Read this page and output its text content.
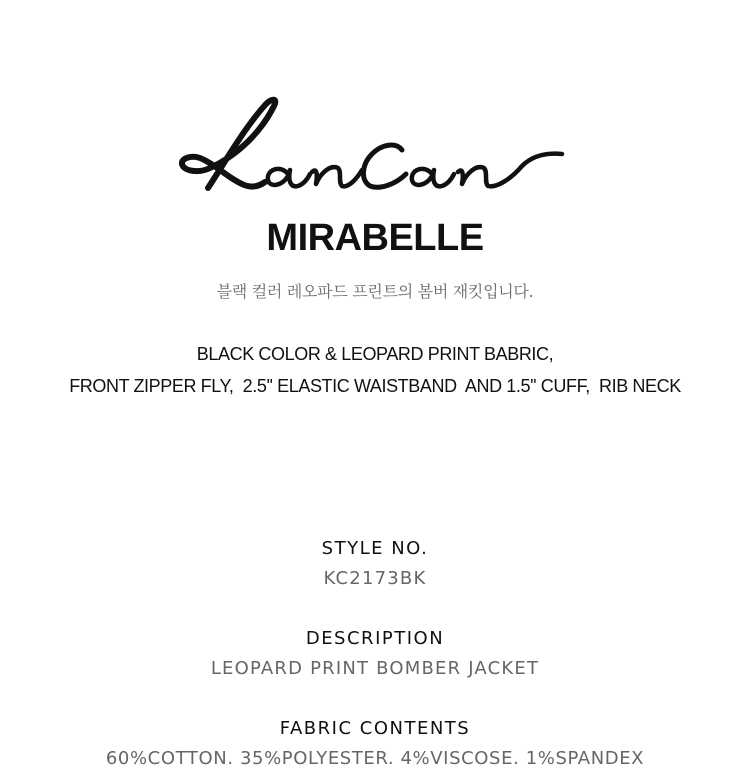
MIRABELLE
블랙 컬러 레오파드 프린트의 봄버 재킷입니다.
BLACK COLOR & LEOPARD PRINT BABRIC,
FRONT ZIPPER FLY,  2.5'' ELASTIC WAISTBAND  AND 1.5'' CUFF,  RIB NECK
STYLE NO.
KC2173BK
DESCRIPTION
LEOPARD PRINT BOMBER JACKET
FABRIC CONTENTS
60%COTTON. 35%POLYESTER. 4%VISCOSE. 1%SPANDEX
